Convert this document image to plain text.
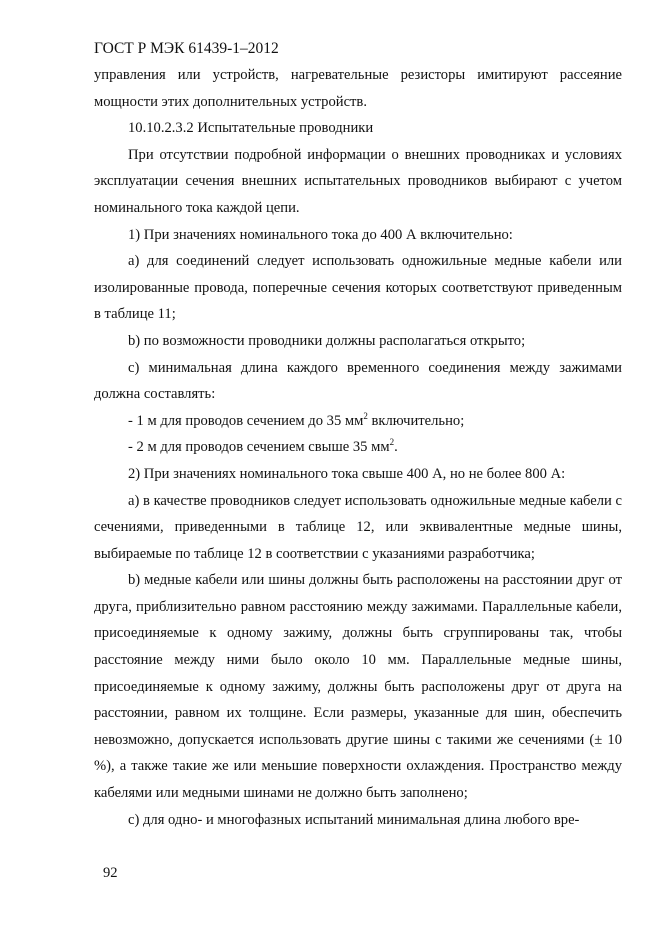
ГОСТ Р МЭК 61439-1–2012

управления или устройств, нагревательные резисторы имитируют рассеяние мощности этих дополнительных устройств.

10.10.2.3.2 Испытательные проводники

При отсутствии подробной информации о внешних проводниках и условиях эксплуатации сечения внешних испытательных проводников выбирают с учетом номинального тока каждой цепи.

1) При значениях номинального тока до 400 А включительно:

a) для соединений следует использовать одножильные медные кабели или изолированные провода, поперечные сечения которых соответствуют приведенным в таблице 11;

b) по возможности проводники должны располагаться открыто;

c) минимальная длина каждого временного соединения между зажимами должна составлять:

- 1 м для проводов сечением до 35 $мм^2$ включительно;

- 2 м для проводов сечением свыше 35 $мм^2$.

2) При значениях номинального тока свыше 400 А, но не более 800 А:

a) в качестве проводников следует использовать одножильные медные кабели с сечениями, приведенными в таблице 12, или эквивалентные медные шины, выбираемые по таблице 12 в соответствии с указаниями разработчика;

b) медные кабели или шины должны быть расположены на расстоянии друг от друга, приблизительно равном расстоянию между зажимами. Параллельные кабели, присоединяемые к одному зажиму, должны быть сгруппированы так, чтобы расстояние между ними было около 10 мм. Параллельные медные шины, присоединяемые к одному зажиму, должны быть расположены друг от друга на расстоянии, равном их толщине. Если размеры, указанные для шин, обеспечить невозможно, допускается использовать другие шины с такими же сечениями (± 10 %), а также такие же или меньшие поверхности охлаждения. Пространство между кабелями или медными шинами не должно быть заполнено;

c) для одно- и многофазных испытаний минимальная длина любого вре-

92
